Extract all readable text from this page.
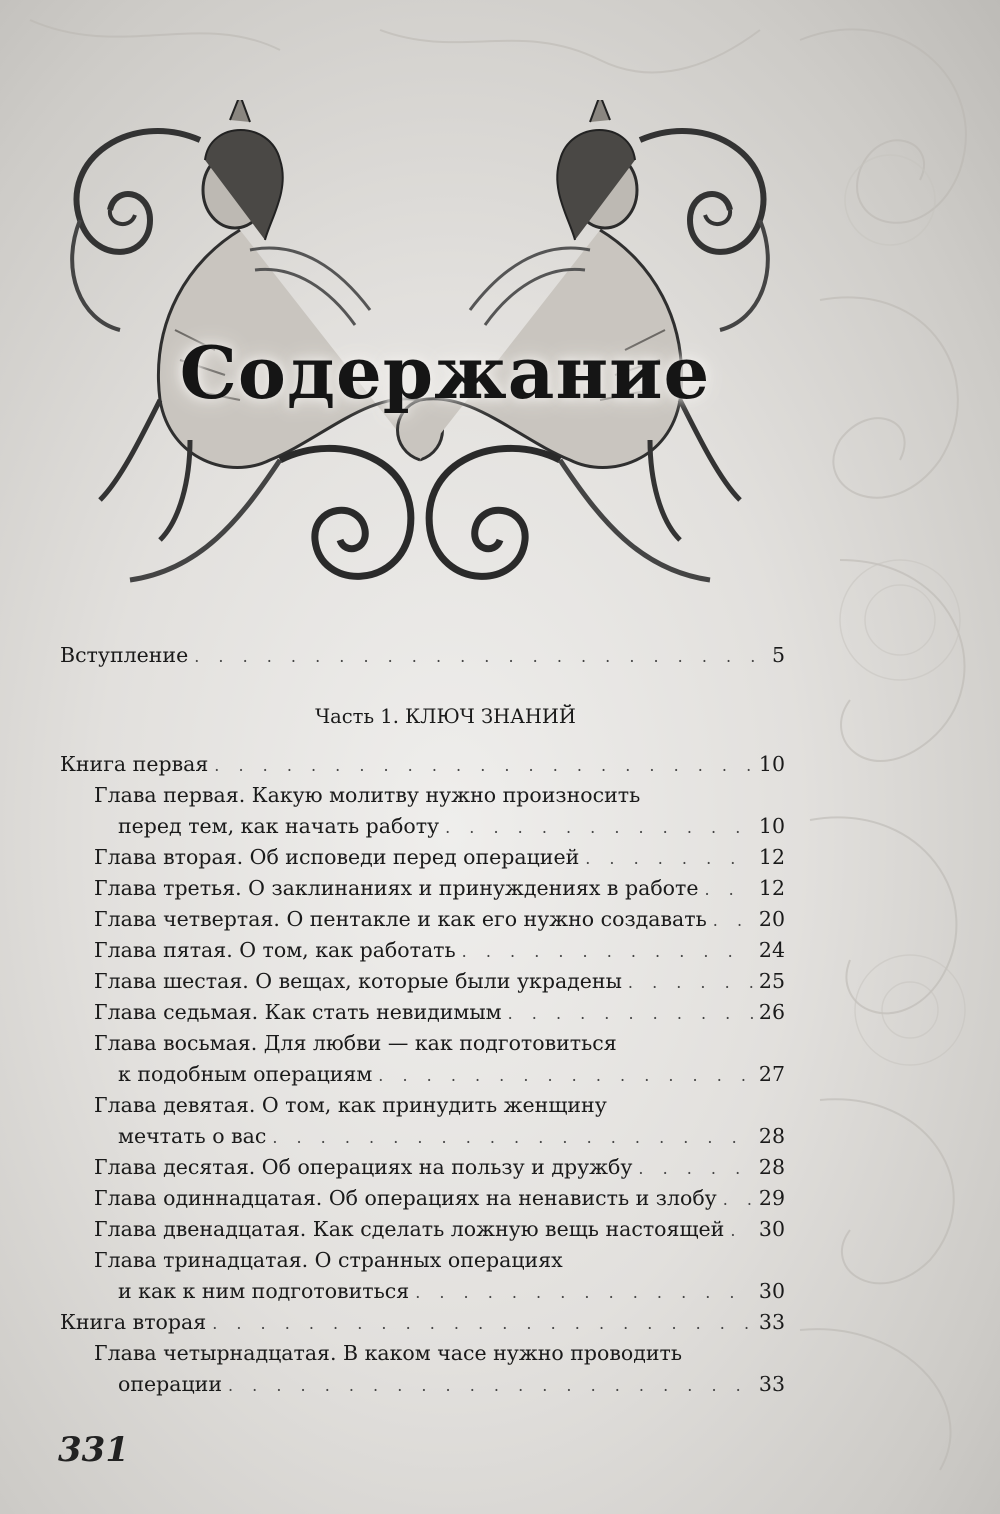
Содержание
Вступление . . .	5
Часть 1. КЛЮЧ ЗНАНИЙ
Книга первая . . .	10
Глава первая. Какую молитву нужно произносить
перед тем, как начать работу . . .	10
Глава вторая. Об исповеди перед операцией . . .	12
Глава третья. О заклинаниях и принуждениях в работе . . .	12
Глава четвертая. О пентакле и как его нужно создавать . . .	20
Глава пятая. О том, как работать . . .	24
Глава шестая. О вещах, которые были украдены . . .	25
Глава седьмая. Как стать невидимым . . .	26
Глава восьмая. Для любви — как подготовиться
к подобным операциям . . .	27
Глава девятая. О том, как принудить женщину
мечтать о вас . . .	28
Глава десятая. Об операциях на пользу и дружбу . . .	28
Глава одиннадцатая. Об операциях на ненависть и злобу . . . 29
Глава двенадцатая. Как сделать ложную вещь настоящей . . . 30
Глава тринадцатая. О странных операциях
и как к ним подготовиться . . .	30
Книга вторая . . .	33
Глава четырнадцатая. В каком часе нужно проводить
операции . . .	33
331
